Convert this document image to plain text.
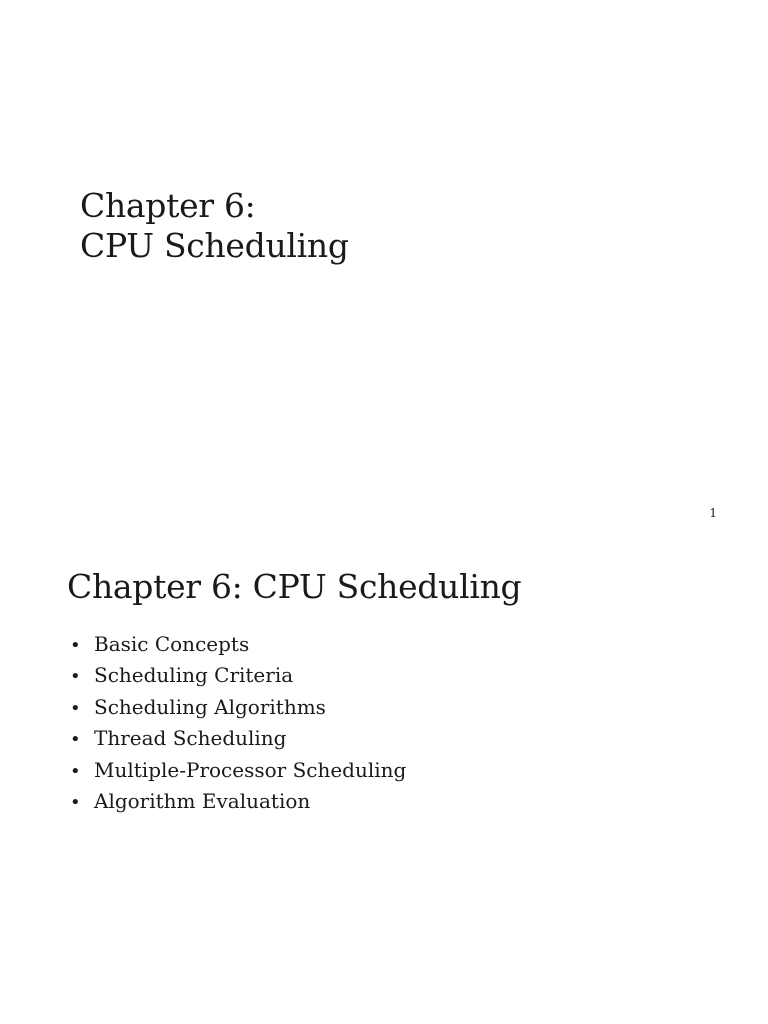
Chapter 6:
CPU Scheduling
1
Chapter 6: CPU Scheduling
• Basic Concepts
• Scheduling Criteria
• Scheduling Algorithms
• Thread Scheduling
• Multiple-Processor Scheduling
• Algorithm Evaluation
